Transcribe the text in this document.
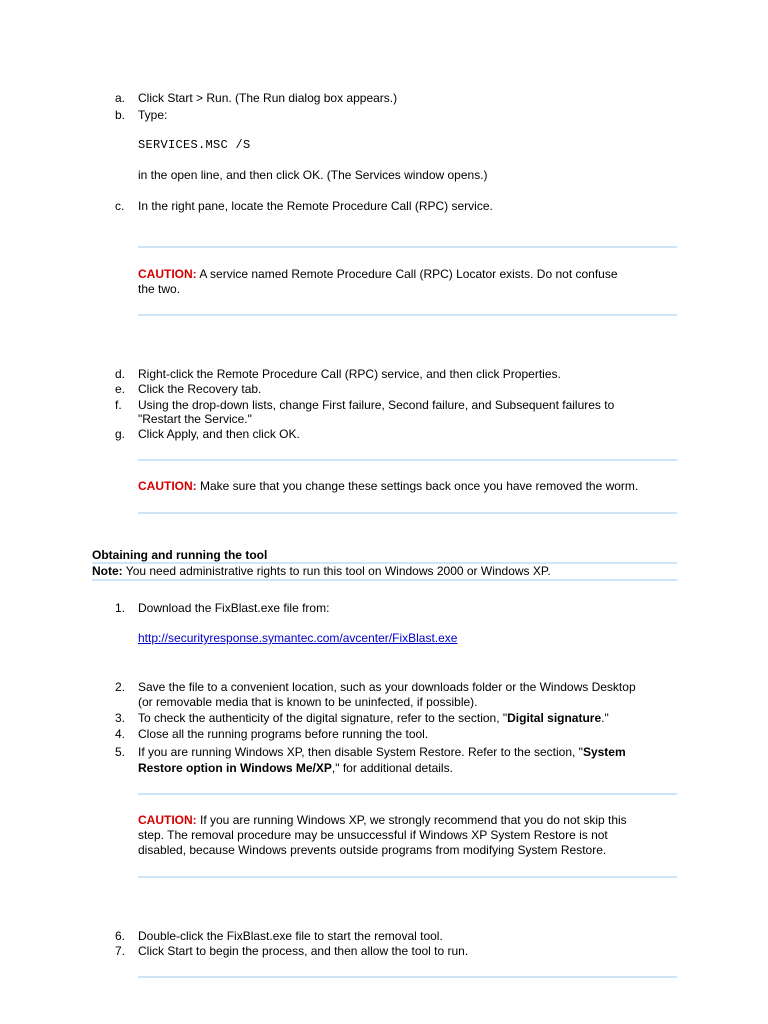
a.	Click Start > Run. (The Run dialog box appears.)
b.	Type:
SERVICES.MSC /S
in the open line, and then click OK. (The Services window opens.)
c.	In the right pane, locate the Remote Procedure Call (RPC) service.
CAUTION: A service named Remote Procedure Call (RPC) Locator exists. Do not confuse
the two.
d.	Right-click the Remote Procedure Call (RPC) service, and then click Properties.
e.	Click the Recovery tab.
f.	Using the drop-down lists, change First failure, Second failure, and Subsequent failures to
"Restart the Service."
g.	Click Apply, and then click OK.
CAUTION: Make sure that you change these settings back once you have removed the worm.
Obtaining and running the tool
Note: You need administrative rights to run this tool on Windows 2000 or Windows XP.
1.	Download the FixBlast.exe file from:
http://securityresponse.symantec.com/avcenter/FixBlast.exe
2.	Save the file to a convenient location, such as your downloads folder or the Windows Desktop
(or removable media that is known to be uninfected, if possible).
3.	To check the authenticity of the digital signature, refer to the section, "Digital signature."
4.	Close all the running programs before running the tool.
5.	If you are running Windows XP, then disable System Restore. Refer to the section, "System
Restore option in Windows Me/XP," for additional details.
CAUTION: If you are running Windows XP, we strongly recommend that you do not skip this
step. The removal procedure may be unsuccessful if Windows XP System Restore is not
disabled, because Windows prevents outside programs from modifying System Restore.
6.	Double-click the FixBlast.exe file to start the removal tool.
7.	Click Start to begin the process, and then allow the tool to run.
